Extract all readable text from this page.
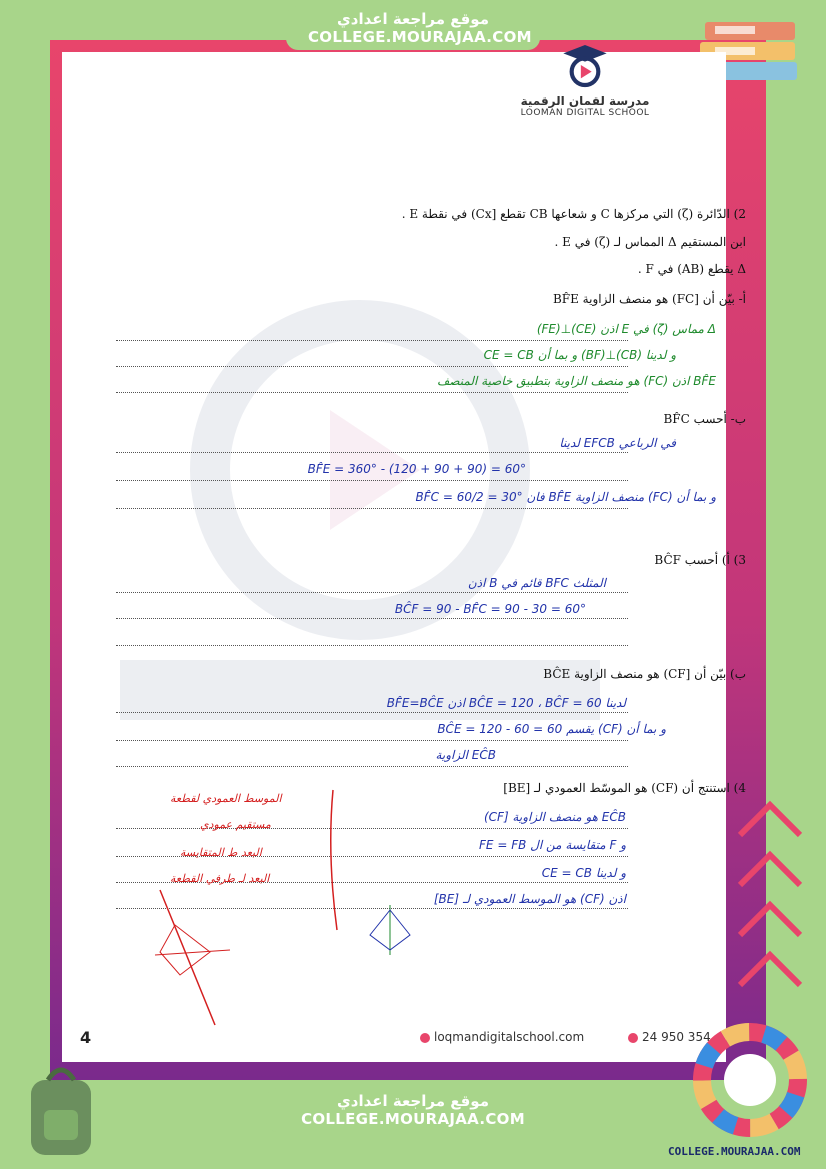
موقع مراجعة اعدادي
COLLEGE.MOURAJAA.COM
مدرسة لقمان الرقمية
LOOMAN DIGITAL SCHOOL
2) الدّائرة (ζ) التي مركزها C و شعاعها CB تقطع [Cx) في نقطة E .
ابن المستقيم Δ المماس لـ (ζ) في E .
Δ يقطع (AB) في F .
أ- بيّن أن [FC) هو منصف الزاوية BF̂E
Δ مماس (ζ) في E اذن (CE)⊥(FE)
و لدينا (CB)⊥(BF) و بما أن CE = CB
BF̂E اذن (FC) هو منصف الزاوية بتطبيق خاصية المنصف
ب- أحسب BF̂C
في الرباعي EFCB لدينا
BF̂E = 360° - (120 + 90 + 90) = 60°
و بما أن (FC) منصف الزاوية BF̂E فان BF̂C = 60/2 = 30°
3) أ) أحسب BĈF
المثلث BFC قائم في B اذن
BĈF = 90 - BF̂C = 90 - 30 = 60°
ب) بيّن أن [CF) هو منصف الزاوية BĈE
لدينا BĈE = 120 ، BĈF = 60 اذن BF̂E=BĈE
و بما أن (CF) يقسم BĈE = 120 - 60 = 60
EĈB الزاوية
4) استنتج أن (CF) هو الموسّط العمودي لـ [BE]
EĈB هو منصف الزاوية [CF)
و F متقايسة من ال FE = FB
و لدينا CE = CB
اذن (CF) هو الموسط العمودي لـ [BE]
الموسط العمودي لقطعة
مستقيم عمودي
البعد ط المتقايسة
البعد لـ طرفي القطعة
4	loqmandigitalschool.com	24 950 354
موقع مراجعة اعدادي
COLLEGE.MOURAJAA.COM
COLLEGE.MOURAJAA.COM
